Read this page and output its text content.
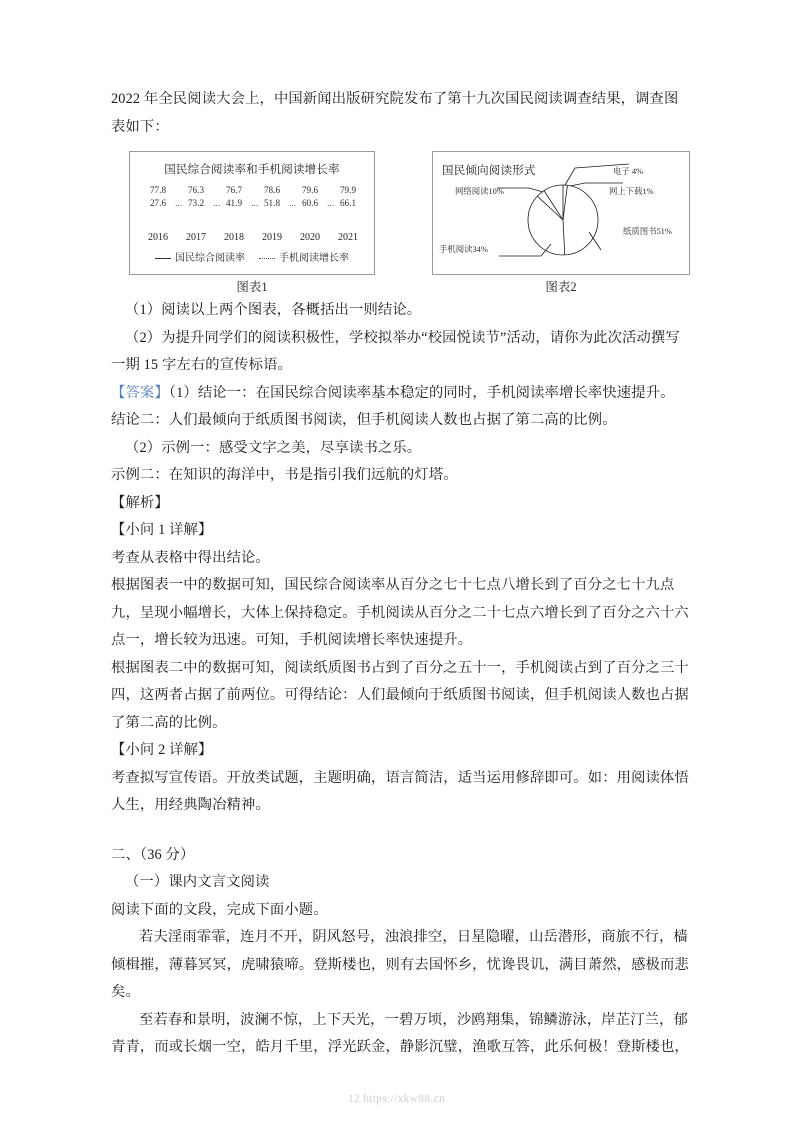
2022 年全民阅读大会上，中国新闻出版研究院发布了第十九次国民阅读调查结果，调查图

表如下：

国民综合阅读率和手机阅读增长率
77.8	76.3	76.7	78.6	79.6	79.9
27.6 ...	73.2 ...	41.9 ...	51.8 ...	60.6 ...	66.1
2016	2017	2018	2019	2020	2021
国民综合阅读率	手机阅读增长率
图表1
国民倾向阅读形式	电子 4%
网络阅读10%	网上下载1%
纸质图书51%
手机阅读34%
图表2

（1）阅读以上两个图表，各概括出一则结论。

（2）为提升同学们的阅读积极性，学校拟举办“校园悦读节”活动，请你为此次活动撰写

一期 15 字左右的宣传标语。

【答案】（1）结论一：在国民综合阅读率基本稳定的同时，手机阅读率增长率快速提升。

结论二：人们最倾向于纸质图书阅读，但手机阅读人数也占据了第二高的比例。

（2）示例一：感受文字之美，尽享读书之乐。

示例二：在知识的海洋中，书是指引我们远航的灯塔。

【解析】

【小问 1 详解】

考查从表格中得出结论。

根据图表一中的数据可知，国民综合阅读率从百分之七十七点八增长到了百分之七十九点

九，呈现小幅增长，大体上保持稳定。手机阅读从百分之二十七点六增长到了百分之六十六

点一，增长较为迅速。可知，手机阅读增长率快速提升。

根据图表二中的数据可知，阅读纸质图书占到了百分之五十一，手机阅读占到了百分之三十

四，这两者占据了前两位。可得结论：人们最倾向于纸质图书阅读，但手机阅读人数也占据

了第二高的比例。

【小问 2 详解】

考查拟写宣传语。开放类试题，主题明确，语言简洁，适当运用修辞即可。如：用阅读体悟

人生，用经典陶冶精神。

二、（36 分）

（一）课内文言文阅读

阅读下面的文段，完成下面小题。

若夫淫雨霏霏，连月不开，阴风怒号，浊浪排空，日星隐曜，山岳潜形，商旅不行，樯

倾楫摧，薄暮冥冥，虎啸猿啼。登斯楼也，则有去国怀乡，忧谗畏讥，满目萧然，感极而悲

矣。

至若春和景明，波澜不惊，上下天光，一碧万顷，沙鸥翔集，锦鳞游泳，岸芷汀兰，郁

青青，而或长烟一空，皓月千里，浮光跃金，静影沉璧，渔歌互答，此乐何极！登斯楼也，

12 https://xkw88.cn
